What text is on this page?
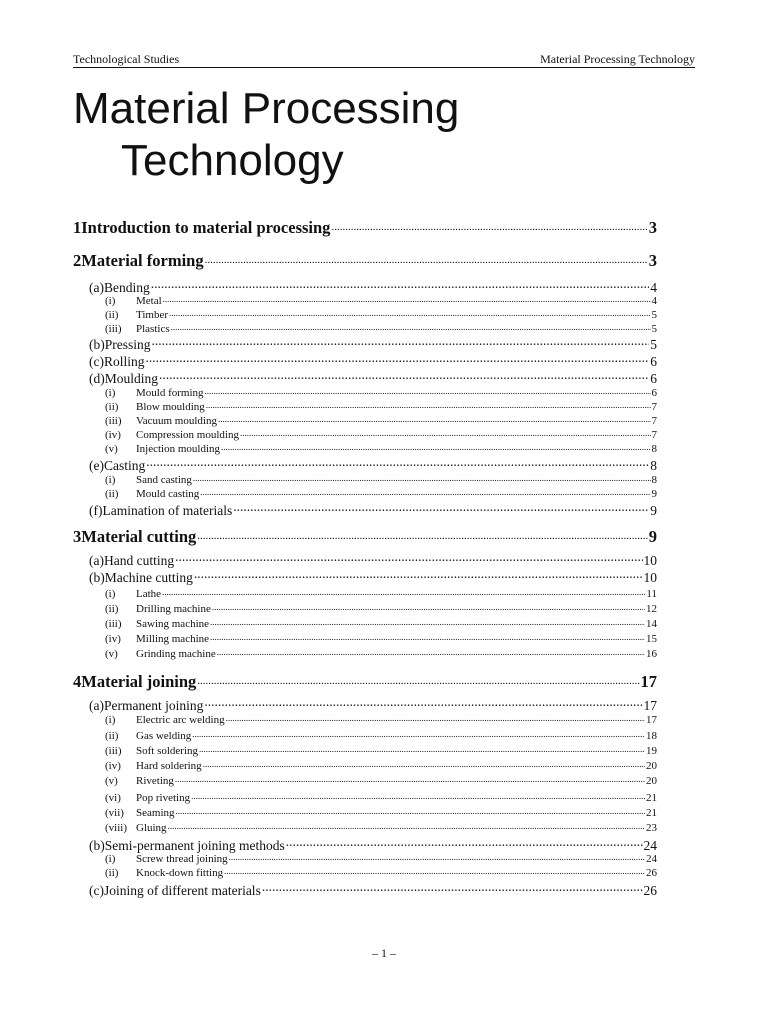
Technological Studies	Material Processing Technology
Material Processing
Technology
1 Introduction to material processing .....	3
2 Material forming .....	3
(a) Bending .....	4
(i)	Metal .....	4
(ii)	Timber .....	5
(iii)	Plastics .....	5
(b) Pressing .....	5
(c) Rolling .....	6
(d) Moulding .....	6
(i)	Mould forming .....	6
(ii)	Blow moulding .....	7
(iii)	Vacuum moulding .....	7
(iv)	Compression moulding .....	7
(v)	Injection moulding .....	8
(e) Casting .....	8
(i)	Sand casting .....	8
(ii)	Mould casting .....	9
(f) Lamination of materials .....	9
3 Material cutting .....	9
(a) Hand cutting .....	10
(b) Machine cutting .....	10
(i)	Lathe .....	11
(ii)	Drilling machine .....	12
(iii)	Sawing machine .....	14
(iv)	Milling machine .....	15
(v)	Grinding machine .....	16
4 Material joining .....	17
(a) Permanent joining .....	17
(i)	Electric arc welding .....	17
(ii)	Gas welding .....	18
(iii)	Soft soldering .....	19
(iv)	Hard soldering .....	20
(v)	Riveting .....	20
(vi)	Pop riveting .....	21
(vii)	Seaming .....	21
(viii) Gluing .....	23
(b) Semi-permanent joining methods .....	24
(i)	Screw thread joining .....	24
(ii)	Knock-down fitting .....	26
(c) Joining of different materials .....	26
– 1 –
